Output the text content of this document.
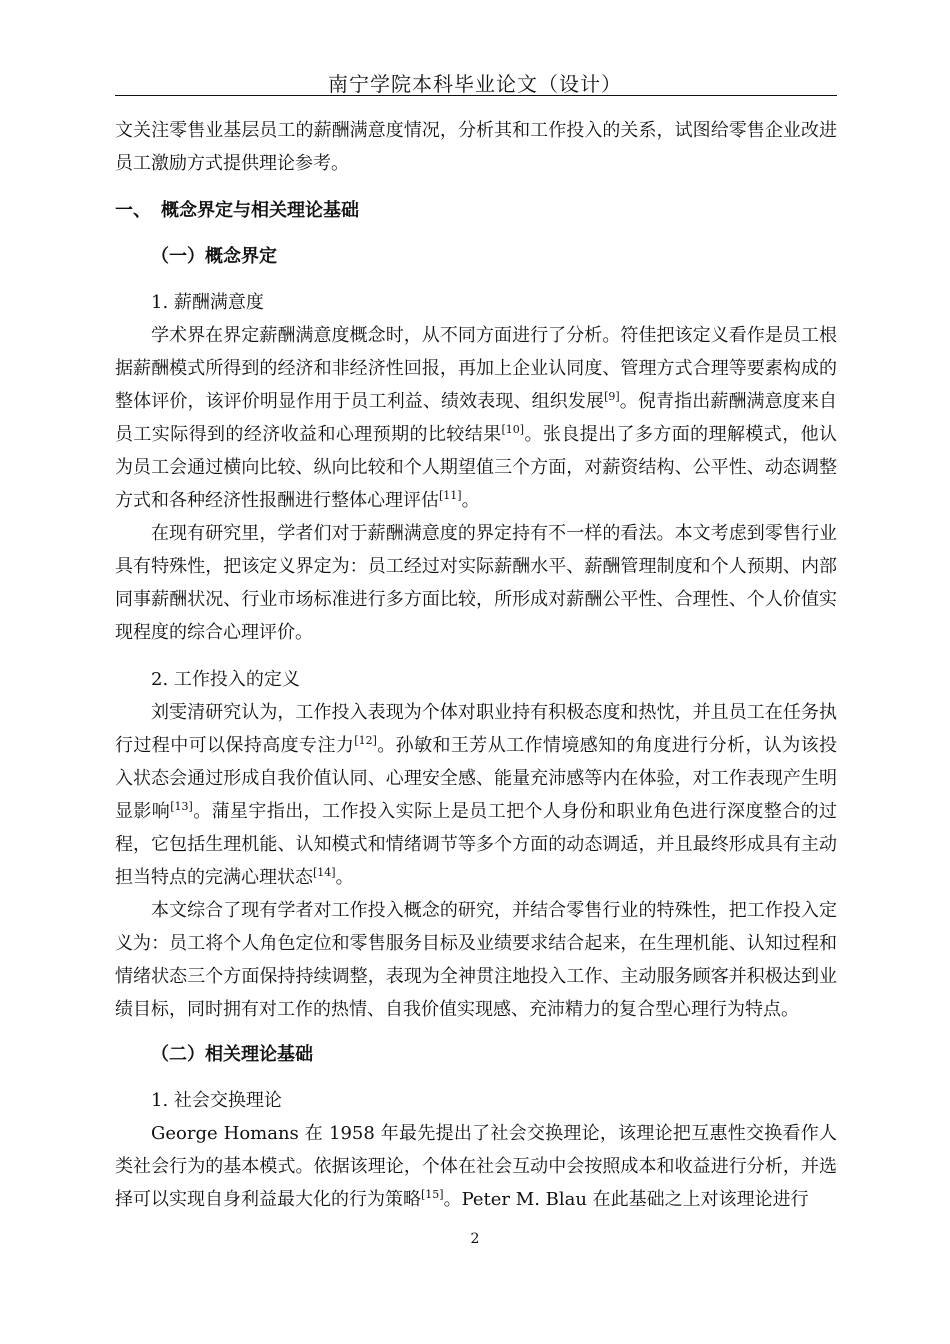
南宁学院本科毕业论文（设计）

文关注零售业基层员工的薪酬满意度情况，分析其和工作投入的关系，试图给零售企业改进员工激励方式提供理论参考。

一、 概念界定与相关理论基础
（一）概念界定
1. 薪酬满意度

学术界在界定薪酬满意度概念时，从不同方面进行了分析。符佳把该定义看作是员工根据薪酬模式所得到的经济和非经济性回报，再加上企业认同度、管理方式合理等要素构成的整体评价，该评价明显作用于员工利益、绩效表现、组织发展[9]。倪青指出薪酬满意度来自员工实际得到的经济收益和心理预期的比较结果[10]。张良提出了多方面的理解模式，他认为员工会通过横向比较、纵向比较和个人期望值三个方面，对薪资结构、公平性、动态调整方式和各种经济性报酬进行整体心理评估[11]。

在现有研究里，学者们对于薪酬满意度的界定持有不一样的看法。本文考虑到零售行业具有特殊性，把该定义界定为：员工经过对实际薪酬水平、薪酬管理制度和个人预期、内部同事薪酬状况、行业市场标准进行多方面比较，所形成对薪酬公平性、合理性、个人价值实现程度的综合心理评价。

2. 工作投入的定义

刘雯清研究认为，工作投入表现为个体对职业持有积极态度和热忱，并且员工在任务执行过程中可以保持高度专注力[12]。孙敏和王芳从工作情境感知的角度进行分析，认为该投入状态会通过形成自我价值认同、心理安全感、能量充沛感等内在体验，对工作表现产生明显影响[13]。蒲星宇指出，工作投入实际上是员工把个人身份和职业角色进行深度整合的过程，它包括生理机能、认知模式和情绪调节等多个方面的动态调适，并且最终形成具有主动担当特点的完满心理状态[14]。

本文综合了现有学者对工作投入概念的研究，并结合零售行业的特殊性，把工作投入定义为：员工将个人角色定位和零售服务目标及业绩要求结合起来，在生理机能、认知过程和情绪状态三个方面保持持续调整，表现为全神贯注地投入工作、主动服务顾客并积极达到业绩目标，同时拥有对工作的热情、自我价值实现感、充沛精力的复合型心理行为特点。

（二）相关理论基础
1. 社会交换理论

George Homans 在 1958 年最先提出了社会交换理论，该理论把互惠性交换看作人类社会行为的基本模式。依据该理论，个体在社会互动中会按照成本和收益进行分析，并选择可以实现自身利益最大化的行为策略[15]。Peter M. Blau 在此基础之上对该理论进行

2
